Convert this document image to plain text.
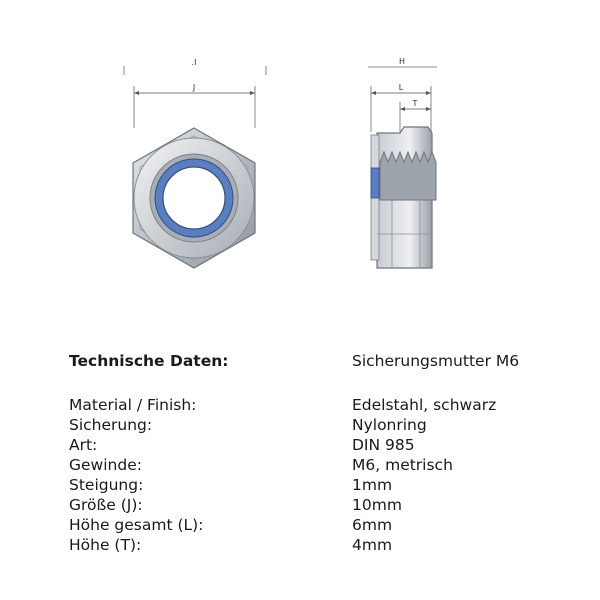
.I
J
H
L
T
Technische Daten:	Sicherungsmutter M6
Material / Finish:	Edelstahl, schwarz
Sicherung:	Nylonring
Art:	DIN 985
Gewinde:	M6, metrisch
Steigung:	1mm
Größe (J):	10mm
Höhe gesamt (L):	6mm
Höhe (T):	4mm
